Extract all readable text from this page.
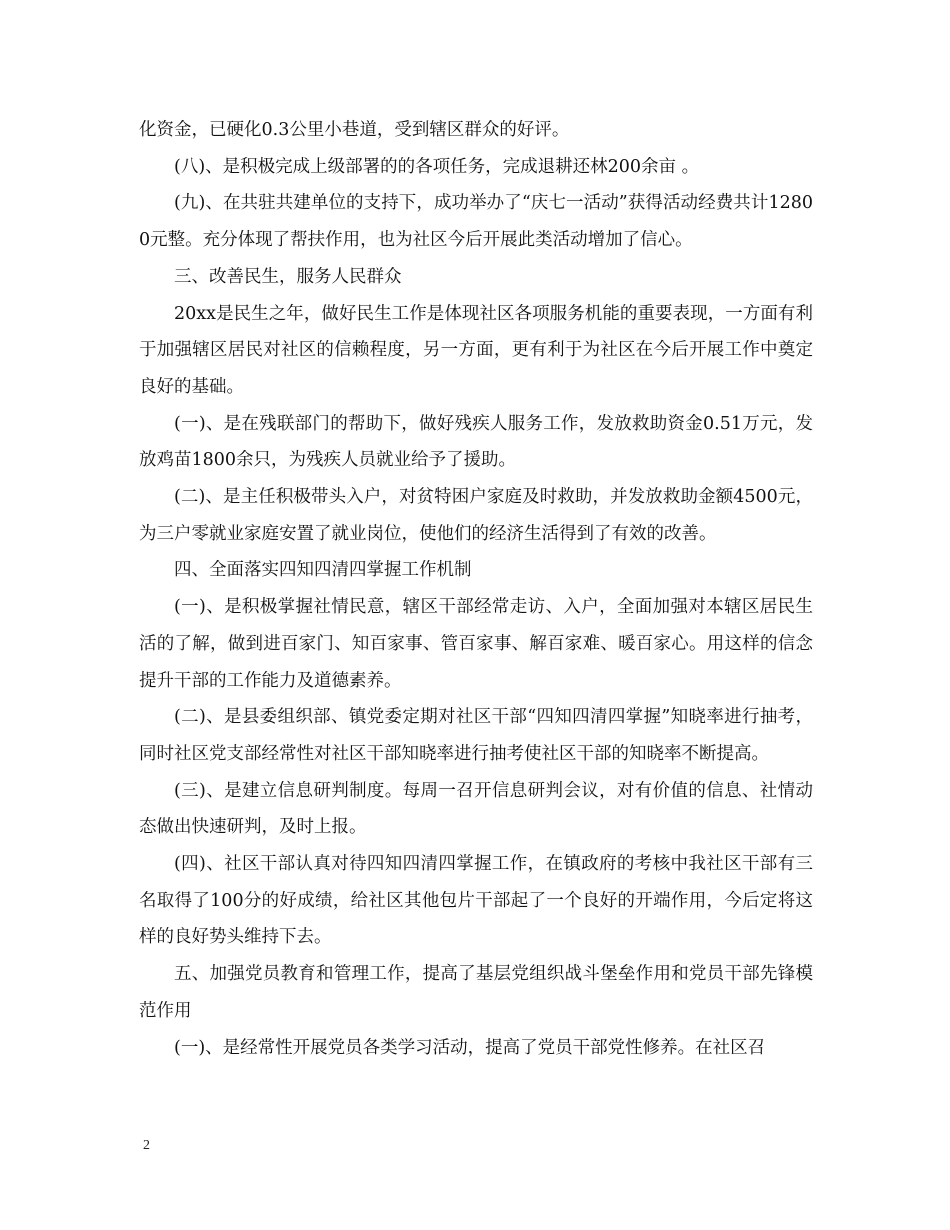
化资金，已硬化0.3公里小巷道，受到辖区群众的好评。

(八)、是积极完成上级部署的的各项任务，完成退耕还林200余亩 。

(九)、在共驻共建单位的支持下，成功举办了“庆七一活动”获得活动经费共计12800元整。充分体现了帮扶作用，也为社区今后开展此类活动增加了信心。

三、改善民生，服务人民群众

20xx是民生之年，做好民生工作是体现社区各项服务机能的重要表现，一方面有利于加强辖区居民对社区的信赖程度，另一方面，更有利于为社区在今后开展工作中奠定良好的基础。

(一)、是在残联部门的帮助下，做好残疾人服务工作，发放救助资金0.51万元，发放鸡苗1800余只，为残疾人员就业给予了援助。

(二)、是主任积极带头入户，对贫特困户家庭及时救助，并发放救助金额4500元，为三户零就业家庭安置了就业岗位，使他们的经济生活得到了有效的改善。

四、全面落实四知四清四掌握工作机制

(一)、是积极掌握社情民意，辖区干部经常走访、入户，全面加强对本辖区居民生活的了解，做到进百家门、知百家事、管百家事、解百家难、暖百家心。用这样的信念提升干部的工作能力及道德素养。

(二)、是县委组织部、镇党委定期对社区干部“四知四清四掌握”知晓率进行抽考，同时社区党支部经常性对社区干部知晓率进行抽考使社区干部的知晓率不断提高。

(三)、是建立信息研判制度。每周一召开信息研判会议，对有价值的信息、社情动态做出快速研判，及时上报。

(四)、社区干部认真对待四知四清四掌握工作，在镇政府的考核中我社区干部有三名取得了100分的好成绩，给社区其他包片干部起了一个良好的开端作用，今后定将这样的良好势头维持下去。

五、加强党员教育和管理工作，提高了基层党组织战斗堡垒作用和党员干部先锋模范作用

(一)、是经常性开展党员各类学习活动，提高了党员干部党性修养。在社区召

2
